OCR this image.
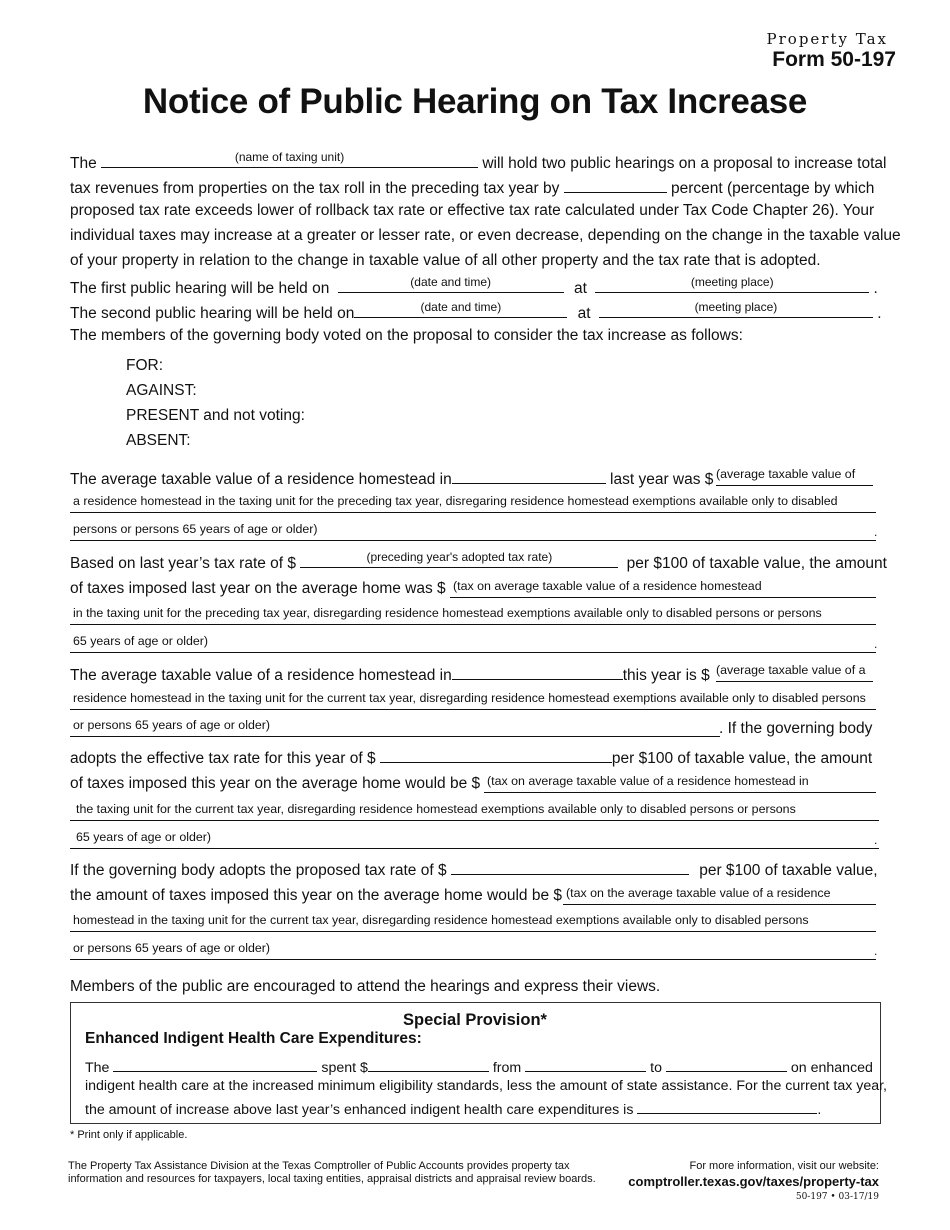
Property Tax
Form 50-197
Notice of Public Hearing on Tax Increase
The	(name of taxing unit)	will hold two public hearings on a proposal to increase total
tax revenues from properties on the tax roll in the preceding tax year by	percent (percentage by which
proposed tax rate exceeds lower of rollback tax rate or effective tax rate calculated under Tax Code Chapter 26). Your
individual taxes may increase at a greater or lesser rate, or even decrease, depending on the change in the taxable value
of your property in relation to the change in taxable value of all other property and the tax rate that is adopted.
The first public hearing will be held on	(date and time)	at	(meeting place)	.
The second public hearing will be held on	(date and time)	at	(meeting place)	.
The members of the governing body voted on the proposal to consider the tax increase as follows:
FOR:
AGAINST:
PRESENT and not voting:
ABSENT:
The average taxable value of a residence homestead in	last year was $ (average taxable value of
a residence homestead in the taxing unit for the preceding tax year, disregaring residence homestead exemptions available only to disabled
persons or persons 65 years of age or older)	.
Based on last year’s tax rate of $	(preceding year's adopted tax rate)	per $100 of taxable value, the amount
of taxes imposed last year on the average home was $ (tax on average taxable value of a residence homestead
in the taxing unit for the preceding tax year, disregarding residence homestead exemptions available only to disabled persons or persons
65 years of age or older)	.
The average taxable value of a residence homestead in	this year is $ (average taxable value of a
residence homestead in the taxing unit for the current tax year, disregarding residence homestead exemptions available only to disabled persons
or persons 65 years of age or older)	. If the governing body
adopts the effective tax rate for this year of $	per $100 of taxable value, the amount
of taxes imposed this year on the average home would be $ (tax on average taxable value of a residence homestead in
the taxing unit for the current tax year, disregarding residence homestead exemptions available only to disabled persons or persons
65 years of age or older)	.
If the governing body adopts the proposed tax rate of $	per $100 of taxable value,
the amount of taxes imposed this year on the average home would be $ (tax on the average taxable value of a residence
homestead in the taxing unit for the current tax year, disregarding residence homestead exemptions available only to disabled persons
or persons 65 years of age or older)	.
Members of the public are encouraged to attend the hearings and express their views.
Special Provision*
Enhanced Indigent Health Care Expenditures:
The	spent $	from	to	on enhanced
indigent health care at the increased minimum eligibility standards, less the amount of state assistance. For the current tax year,
the amount of increase above last year’s enhanced indigent health care expenditures is	.
* Print only if applicable.
The Property Tax Assistance Division at the Texas Comptroller of Public Accounts provides property tax
information and resources for taxpayers, local taxing entities, appraisal districts and appraisal review boards.
For more information, visit our website:
comptroller.texas.gov/taxes/property-tax
50-197 • 03-17/19
